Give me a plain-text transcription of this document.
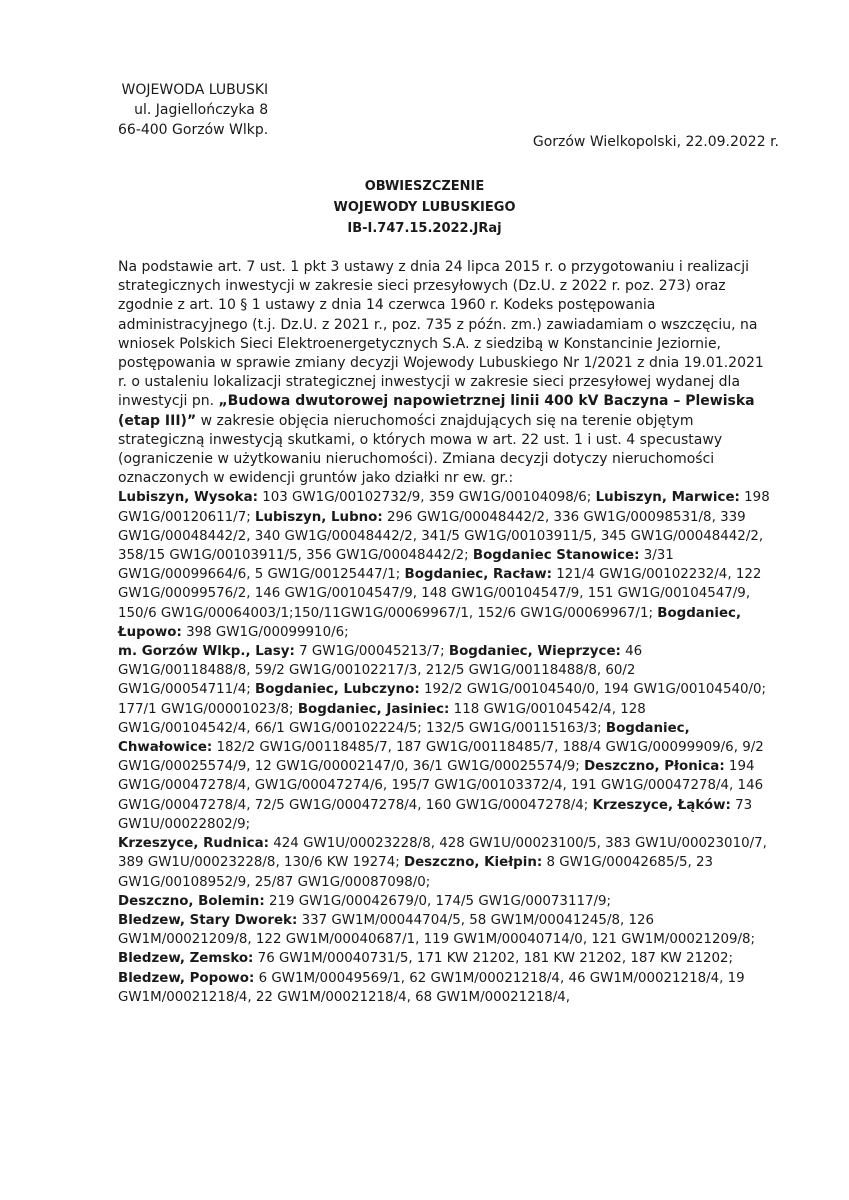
WOJEWODA LUBUSKI
ul. Jagiellończyka 8
66-400 Gorzów Wlkp.
Gorzów Wielkopolski, 22.09.2022 r.
OBWIESZCZENIE
WOJEWODY LUBUSKIEGO
IB-I.747.15.2022.JRaj

Na podstawie art. 7 ust. 1 pkt 3 ustawy z dnia 24 lipca 2015 r. o przygotowaniu i realizacji strategicznych inwestycji w zakresie sieci przesyłowych (Dz.U. z 2022 r. poz. 273) oraz zgodnie z art. 10 § 1 ustawy z dnia 14 czerwca 1960 r. Kodeks postępowania administracyjnego (t.j. Dz.U. z 2021 r., poz. 735 z późn. zm.) zawiadamiam o wszczęciu, na wniosek Polskich Sieci Elektroenergetycznych S.A. z siedzibą w Konstancinie Jeziornie, postępowania w sprawie zmiany decyzji Wojewody Lubuskiego Nr 1/2021 z dnia 19.01.2021 r. o ustaleniu lokalizacji strategicznej inwestycji w zakresie sieci przesyłowej wydanej dla inwestycji pn. „Budowa dwutorowej napowietrznej linii 400 kV Baczyna – Plewiska (etap III)” w zakresie objęcia nieruchomości znajdujących się na terenie objętym strategiczną inwestycją skutkami, o których mowa w art. 22 ust. 1 i ust. 4 specustawy (ograniczenie w użytkowaniu nieruchomości). Zmiana decyzji dotyczy nieruchomości oznaczonych w ewidencji gruntów jako działki nr ew. gr.:

Lubiszyn, Wysoka: 103 GW1G/00102732/9, 359 GW1G/00104098/6; Lubiszyn, Marwice: 198 GW1G/00120611/7; Lubiszyn, Lubno: 296 GW1G/00048442/2, 336 GW1G/00098531/8, 339 GW1G/00048442/2, 340 GW1G/00048442/2, 341/5 GW1G/00103911/5, 345 GW1G/00048442/2, 358/15 GW1G/00103911/5, 356 GW1G/00048442/2; Bogdaniec Stanowice: 3/31 GW1G/00099664/6, 5 GW1G/00125447/1; Bogdaniec, Racław: 121/4 GW1G/00102232/4, 122 GW1G/00099576/2, 146 GW1G/00104547/9, 148 GW1G/00104547/9, 151 GW1G/00104547/9, 150/6 GW1G/00064003/1;150/11GW1G/00069967/1, 152/6 GW1G/00069967/1; Bogdaniec, Łupowo: 398 GW1G/00099910/6;
m. Gorzów Wlkp., Lasy: 7 GW1G/00045213/7; Bogdaniec, Wieprzyce: 46 GW1G/00118488/8, 59/2 GW1G/00102217/3, 212/5 GW1G/00118488/8, 60/2 GW1G/00054711/4; Bogdaniec, Lubczyno: 192/2 GW1G/00104540/0, 194 GW1G/00104540/0; 177/1 GW1G/00001023/8; Bogdaniec, Jasiniec: 118 GW1G/00104542/4, 128 GW1G/00104542/4, 66/1 GW1G/00102224/5; 132/5 GW1G/00115163/3; Bogdaniec, Chwałowice: 182/2 GW1G/00118485/7, 187 GW1G/00118485/7, 188/4 GW1G/00099909/6, 9/2 GW1G/00025574/9, 12 GW1G/00002147/0, 36/1 GW1G/00025574/9; Deszczno, Płonica: 194 GW1G/00047278/4, GW1G/00047274/6, 195/7 GW1G/00103372/4, 191 GW1G/00047278/4, 146 GW1G/00047278/4, 72/5 GW1G/00047278/4, 160 GW1G/00047278/4; Krzeszyce, Łąków: 73 GW1U/00022802/9;
Krzeszyce, Rudnica: 424 GW1U/00023228/8, 428 GW1U/00023100/5, 383 GW1U/00023010/7, 389 GW1U/00023228/8, 130/6 KW 19274; Deszczno, Kiełpin: 8 GW1G/00042685/5, 23 GW1G/00108952/9, 25/87 GW1G/00087098/0;
Deszczno, Bolemin: 219 GW1G/00042679/0, 174/5 GW1G/00073117/9;
Bledzew, Stary Dworek: 337 GW1M/00044704/5, 58 GW1M/00041245/8, 126 GW1M/00021209/8, 122 GW1M/00040687/1, 119 GW1M/00040714/0, 121 GW1M/00021209/8; Bledzew, Zemsko: 76 GW1M/00040731/5, 171 KW 21202, 181 KW 21202, 187 KW 21202; Bledzew, Popowo: 6 GW1M/00049569/1, 62 GW1M/00021218/4, 46 GW1M/00021218/4, 19 GW1M/00021218/4, 22 GW1M/00021218/4, 68 GW1M/00021218/4,
